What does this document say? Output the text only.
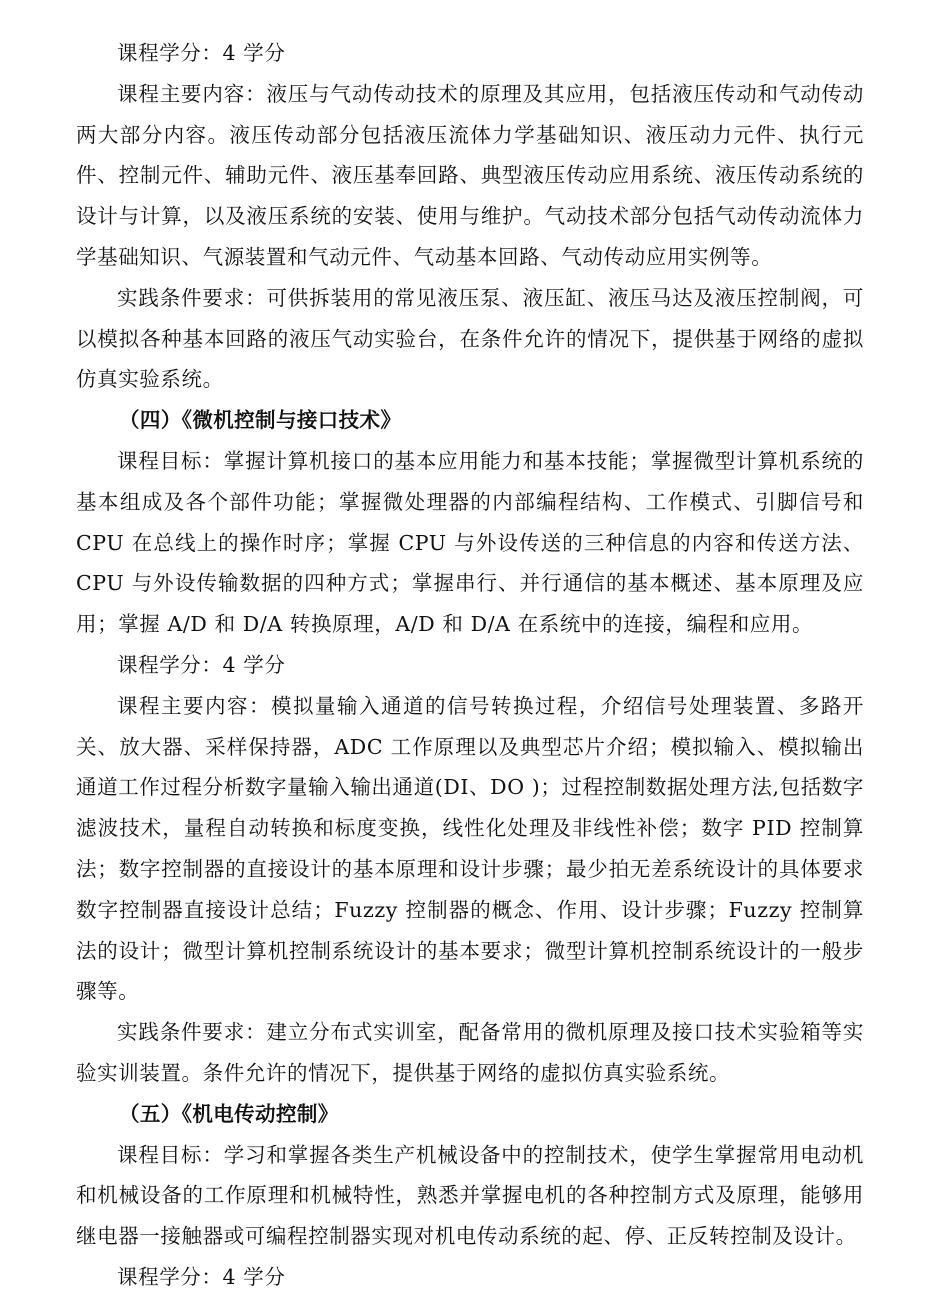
课程学分：4 学分

课程主要内容：液压与气动传动技术的原理及其应用，包括液压传动和气动传动两大部分内容。液压传动部分包括液压流体力学基础知识、液压动力元件、执行元件、控制元件、辅助元件、液压基奉回路、典型液压传动应用系统、液压传动系统的设计与计算，以及液压系统的安装、使用与维护。气动技术部分包括气动传动流体力学基础知识、气源装置和气动元件、气动基本回路、气动传动应用实例等。

实践条件要求：可供拆装用的常见液压泵、液压缸、液压马达及液压控制阀，可以模拟各种基本回路的液压气动实验台，在条件允许的情况下，提供基于网络的虚拟仿真实验系统。

（四）《微机控制与接口技术》

课程目标：掌握计算机接口的基本应用能力和基本技能；掌握微型计算机系统的基本组成及各个部件功能；掌握微处理器的内部编程结构、工作模式、引脚信号和 CPU 在总线上的操作时序；掌握 CPU 与外设传送的三种信息的内容和传送方法、CPU 与外设传输数据的四种方式；掌握串行、并行通信的基本概述、基本原理及应用；掌握 A/D 和 D/A 转换原理，A/D 和 D/A 在系统中的连接，编程和应用。

课程学分：4 学分

课程主要内容：模拟量输入通道的信号转换过程，介绍信号处理装置、多路开关、放大器、采样保持器，ADC 工作原理以及典型芯片介绍；模拟输入、模拟输出通道工作过程分析数字量输入输出通道(DI、DO )；过程控制数据处理方法,包括数字滤波技术，量程自动转换和标度变换，线性化处理及非线性补偿；数字 PID 控制算法；数字控制器的直接设计的基本原理和设计步骤；最少拍无差系统设计的具体要求数字控制器直接设计总结；Fuzzy 控制器的概念、作用、设计步骤；Fuzzy 控制算法的设计；微型计算机控制系统设计的基本要求；微型计算机控制系统设计的一般步骤等。

实践条件要求：建立分布式实训室，配备常用的微机原理及接口技术实验箱等实验实训装置。条件允许的情况下，提供基于网络的虚拟仿真实验系统。

（五）《机电传动控制》

课程目标：学习和掌握各类生产机械设备中的控制技术，使学生掌握常用电动机和机械设备的工作原理和机械特性，熟悉并掌握电机的各种控制方式及原理，能够用继电器一接触器或可编程控制器实现对机电传动系统的起、停、正反转控制及设计。

课程学分：4 学分
